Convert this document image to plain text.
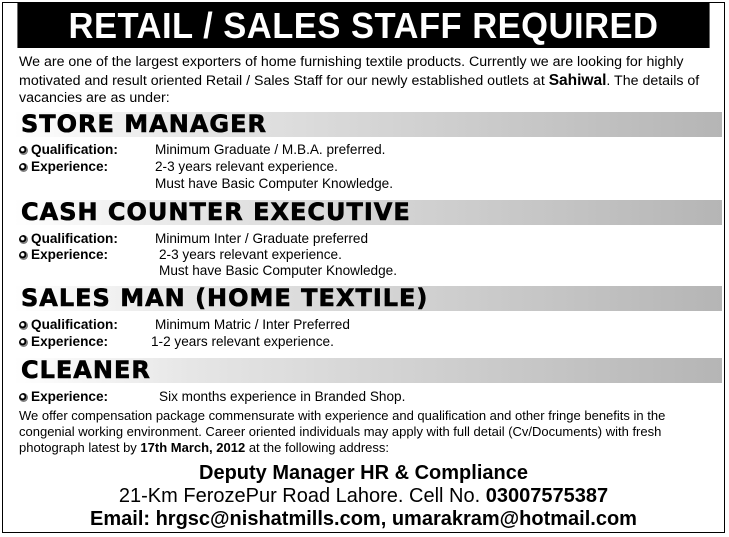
RETAIL / SALES STAFF REQUIRED
We are one of the largest exporters of home furnishing textile products. Currently we are looking for highly motivated and result oriented Retail / Sales Staff for our newly established outlets at Sahiwal. The details of vacancies are as under:
STORE MANAGER
Qualification:	Minimum Graduate / M.B.A. preferred.
Experience:	2-3 years relevant experience.
Must have Basic Computer Knowledge.
CASH COUNTER EXECUTIVE
Qualification:	Minimum Inter / Graduate preferred
Experience:	2-3 years relevant experience.
Must have Basic Computer Knowledge.
SALES MAN (HOME TEXTILE)
Qualification:	Minimum Matric / Inter Preferred
Experience:	1-2 years relevant experience.
CLEANER
Experience:	Six months experience in Branded Shop.
We offer compensation package commensurate with experience and qualification and other fringe benefits in the congenial working environment. Career oriented individuals may apply with full detail (Cv/Documents) with fresh photograph latest by 17th March, 2012 at the following address:
Deputy Manager HR & Compliance
21-Km FerozePur Road Lahore. Cell No. 03007575387
Email: hrgsc@nishatmills.com, umarakram@hotmail.com
